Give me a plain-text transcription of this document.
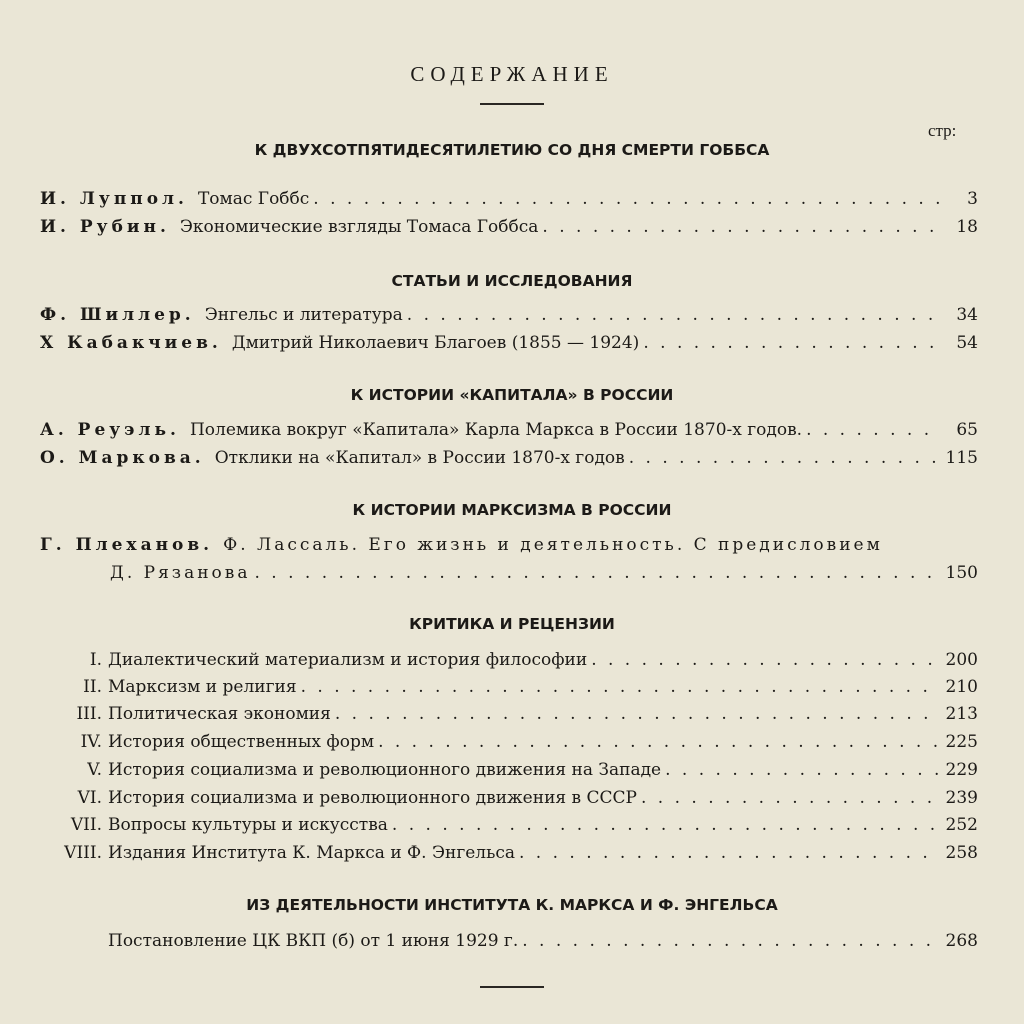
СОДЕРЖАНИЕ
стр:
К ДВУХСОТПЯТИДЕСЯТИЛЕТИЮ СО ДНЯ СМЕРТИ ГОББСА
И. Луппол. Томас Гоббс . . .	3
И. Рубин. Экономические взгляды Томаса Гоббса . . .	18
СТАТЬИ И ИССЛЕДОВАНИЯ
Ф. Шиллер. Энгельс и литература . . .	34
Х Кабакчиев. Дмитрий Николаевич Благоев (1855 — 1924) . . .	54
К ИСТОРИИ «КАПИТАЛА» В РОССИИ
А. Реуэль. Полемика вокруг «Капитала» Карла Маркса в России 1870-х годов. . . .	65
О. Маркова. Отклики на «Капитал» в России 1870-х годов . . .	115
К ИСТОРИИ МАРКСИЗМА В РОССИИ
Г. Плеханов. Ф. Лассаль. Его жизнь и деятельность. С предисловием
Д. Рязанова . . .	150
КРИТИКА И РЕЦЕНЗИИ
I. Диалектический материализм и история философии . . .	200
II. Марксизм и религия . . .	210
III. Политическая экономия . . .	213
IV. История общественных форм . . .	225
V. История социализма и революционного движения на Западе . . .	229
VI. История социализма и революционного движения в СССР . . .	239
VII. Вопросы культуры и искусства . . .	252
VIII. Издания Института К. Маркса и Ф. Энгельса . . .	258
ИЗ ДЕЯТЕЛЬНОСТИ ИНСТИТУТА К. МАРКСА И Ф. ЭНГЕЛЬСА
Постановление ЦК ВКП (б) от 1 июня 1929 г. . . .	268
